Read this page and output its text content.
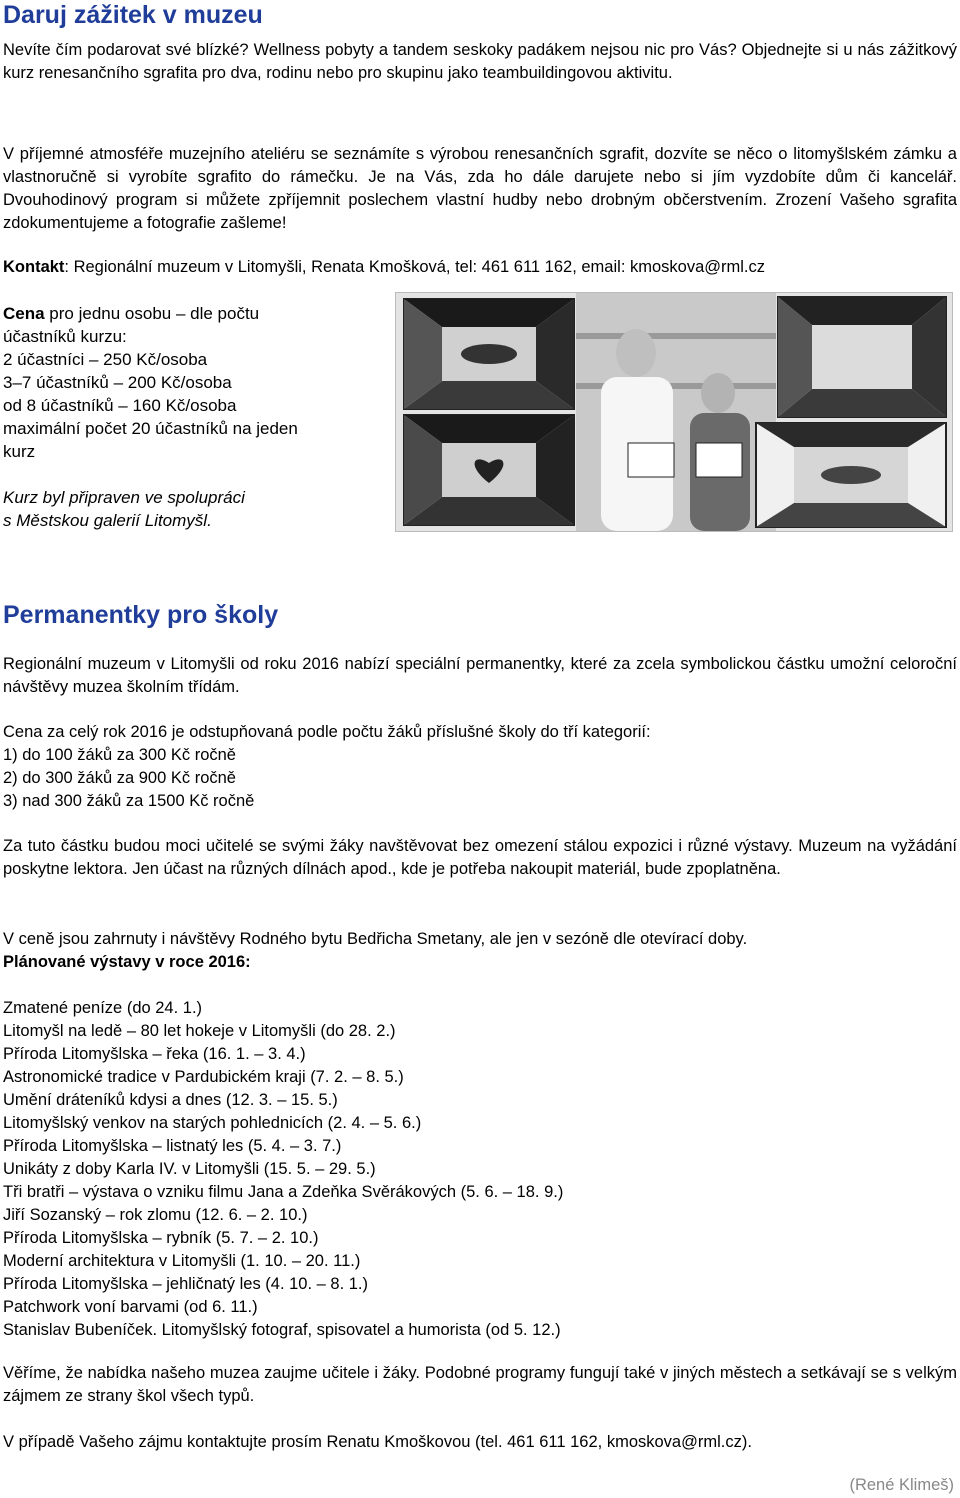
Daruj zážitek v muzeu

Nevíte čím podarovat své blízké? Wellness pobyty a tandem seskoky padákem nejsou nic pro Vás? Objednejte si u nás zážitkový kurz renesančního sgrafita pro dva, rodinu nebo pro skupinu jako teambuildingovou aktivitu.

V příjemné atmosféře muzejního ateliéru se seznámíte s výrobou renesančních sgrafit, dozvíte se něco o litomyšlském zámku a vlastnoručně si vyrobíte sgrafito do rámečku. Je na Vás, zda ho dále darujete nebo si jím vyzdobíte dům či kancelář. Dvouhodinový program si můžete zpříjemnit poslechem vlastní hudby nebo drobným občerstvením. Zrození Vašeho sgrafita zdokumentujeme a fotografie zašleme!

Kontakt: Regionální muzeum v Litomyšli, Renata Kmošková, tel: 461 611 162, email: kmoskova@rml.cz

Cena pro jednu osobu – dle počtu
účastníků kurzu:
2 účastníci – 250 Kč/osoba
3–7 účastníků – 200 Kč/osoba
od 8 účastníků – 160 Kč/osoba
maximální počet 20 účastníků na jeden
kurz
Kurz byl připraven ve spolupráci
s Městskou galerií Litomyšl.
Permanentky pro školy

Regionální muzeum v Litomyšli od roku 2016 nabízí speciální permanentky, které za zcela symbolickou částku umožní celoroční návštěvy muzea školním třídám.

Cena za celý rok 2016 je odstupňovaná podle počtu žáků příslušné školy do tří kategorií:
1) do 100 žáků za 300 Kč ročně
2) do 300 žáků za 900 Kč ročně
3) nad 300 žáků za 1500 Kč ročně

Za tuto částku budou moci učitelé se svými žáky navštěvovat bez omezení stálou expozici i různé výstavy. Muzeum na vyžádání poskytne lektora. Jen účast na různých dílnách apod., kde je potřeba nakoupit materiál, bude zpoplatněna.

V ceně jsou zahrnuty i návštěvy Rodného bytu Bedřicha Smetany, ale jen v sezóně dle otevírací doby.

Plánované výstavy v roce 2016:

Zmatené peníze (do 24. 1.)
Litomyšl na ledě – 80 let hokeje v Litomyšli (do 28. 2.)
Příroda Litomyšlska – řeka (16. 1. – 3. 4.)
Astronomické tradice v Pardubickém kraji (7. 2. – 8. 5.)
Umění dráteníků kdysi a dnes (12. 3. – 15. 5.)
Litomyšlský venkov na starých pohlednicích (2. 4. – 5. 6.)
Příroda Litomyšlska – listnatý les (5. 4. – 3. 7.)
Unikáty z doby Karla IV. v Litomyšli (15. 5. – 29. 5.)
Tři bratři – výstava o vzniku filmu Jana a Zdeňka Svěrákových (5. 6. – 18. 9.)
Jiří Sozanský – rok zlomu (12. 6. – 2. 10.)
Příroda Litomyšlska – rybník (5. 7. – 2. 10.)
Moderní architektura v Litomyšli (1. 10. – 20. 11.)
Příroda Litomyšlska – jehličnatý les (4. 10. – 8. 1.)
Patchwork voní barvami (od 6. 11.)
Stanislav Bubeníček. Litomyšlský fotograf, spisovatel a humorista (od 5. 12.)

Věříme, že nabídka našeho muzea zaujme učitele i žáky. Podobné programy fungují také v jiných městech a setkávají se s velkým zájmem ze strany škol všech typů.

V případě Vašeho zájmu kontaktujte prosím Renatu Kmoškovou (tel. 461 611 162, kmoskova@rml.cz).

(René Klimeš)
